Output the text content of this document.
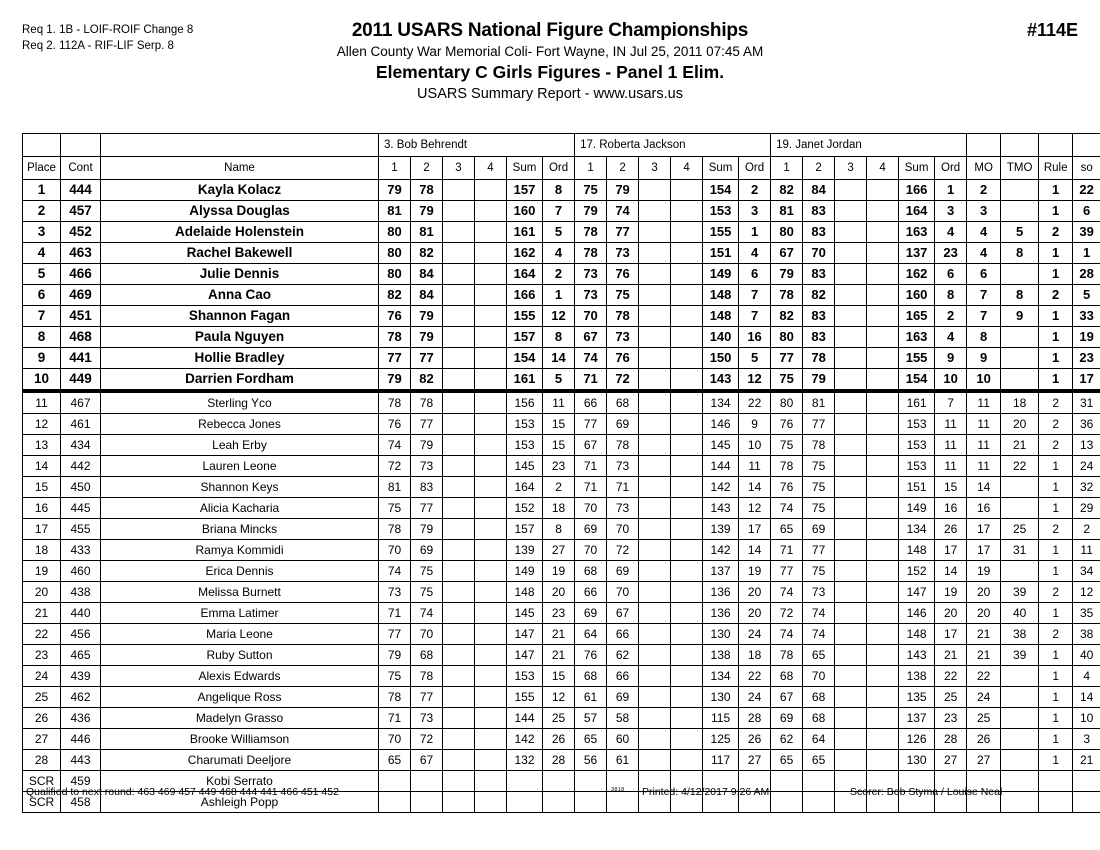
Req 1. 1B - LOIF-ROIF Change 8
Req 2. 112A - RIF-LIF Serp. 8
2011 USARS National Figure Championships
Allen County War Memorial Coli- Fort Wayne, IN Jul 25, 2011 07:45 AM
Elementary C Girls Figures - Panel 1 Elim.
USARS Summary Report - www.usars.us
#114E
			3. Bob Behrendt						17. Roberta Jackson						19. Janet Jordan									
Place	Cont	Name	1	2	3	4	Sum	Ord	1	2	3	4	Sum	Ord	1	2	3	4	Sum	Ord	MO	TMO	Rule	so
1	444	Kayla Kolacz	79	78			157	8	75	79			154	2	82	84			166	1	2		1	22
2	457	Alyssa Douglas	81	79			160	7	79	74			153	3	81	83			164	3	3		1	6
3	452	Adelaide Holenstein	80	81			161	5	78	77			155	1	80	83			163	4	4	5	2	39
4	463	Rachel Bakewell	80	82			162	4	78	73			151	4	67	70			137	23	4	8	1	1
5	466	Julie Dennis	80	84			164	2	73	76			149	6	79	83			162	6	6		1	28
6	469	Anna Cao	82	84			166	1	73	75			148	7	78	82			160	8	7	8	2	5
7	451	Shannon Fagan	76	79			155	12	70	78			148	7	82	83			165	2	7	9	1	33
8	468	Paula Nguyen	78	79			157	8	67	73			140	16	80	83			163	4	8		1	19
9	441	Hollie Bradley	77	77			154	14	74	76			150	5	77	78			155	9	9		1	23
10	449	Darrien Fordham	79	82			161	5	71	72			143	12	75	79			154	10	10		1	17
11	467	Sterling Yco	78	78			156	11	66	68			134	22	80	81			161	7	11	18	2	31
12	461	Rebecca Jones	76	77			153	15	77	69			146	9	76	77			153	11	11	20	2	36
13	434	Leah Erby	74	79			153	15	67	78			145	10	75	78			153	11	11	21	2	13
14	442	Lauren Leone	72	73			145	23	71	73			144	11	78	75			153	11	11	22	1	24
15	450	Shannon Keys	81	83			164	2	71	71			142	14	76	75			151	15	14		1	32
16	445	Alicia Kacharia	75	77			152	18	70	73			143	12	74	75			149	16	16		1	29
17	455	Briana Mincks	78	79			157	8	69	70			139	17	65	69			134	26	17	25	2	2
18	433	Ramya Kommidi	70	69			139	27	70	72			142	14	71	77			148	17	17	31	1	11
19	460	Erica Dennis	74	75			149	19	68	69			137	19	77	75			152	14	19		1	34
20	438	Melissa Burnett	73	75			148	20	66	70			136	20	74	73			147	19	20	39	2	12
21	440	Emma Latimer	71	74			145	23	69	67			136	20	72	74			146	20	20	40	1	35
22	456	Maria Leone	77	70			147	21	64	66			130	24	74	74			148	17	21	38	2	38
23	465	Ruby Sutton	79	68			147	21	76	62			138	18	78	65			143	21	21	39	1	40
24	439	Alexis Edwards	75	78			153	15	68	66			134	22	68	70			138	22	22		1	4
25	462	Angelique Ross	78	77			155	12	61	69			130	24	67	68			135	25	24		1	14
26	436	Madelyn Grasso	71	73			144	25	57	58			115	28	69	68			137	23	25		1	10
27	446	Brooke Williamson	70	72			142	26	65	60			125	26	62	64			126	28	26		1	3
28	443	Charumati Deeljore	65	67			132	28	56	61			117	27	65	65			130	27	27		1	21
SCR	459	Kobi Serrato																						
SCR	458	Ashleigh Popp																						
Qualified to next round: 463 469 457 449 468 444 441 466 451 452	3818 Printed: 4/12/2017 9:26 AM	Scorer: Bob Styma / Louise Neal
